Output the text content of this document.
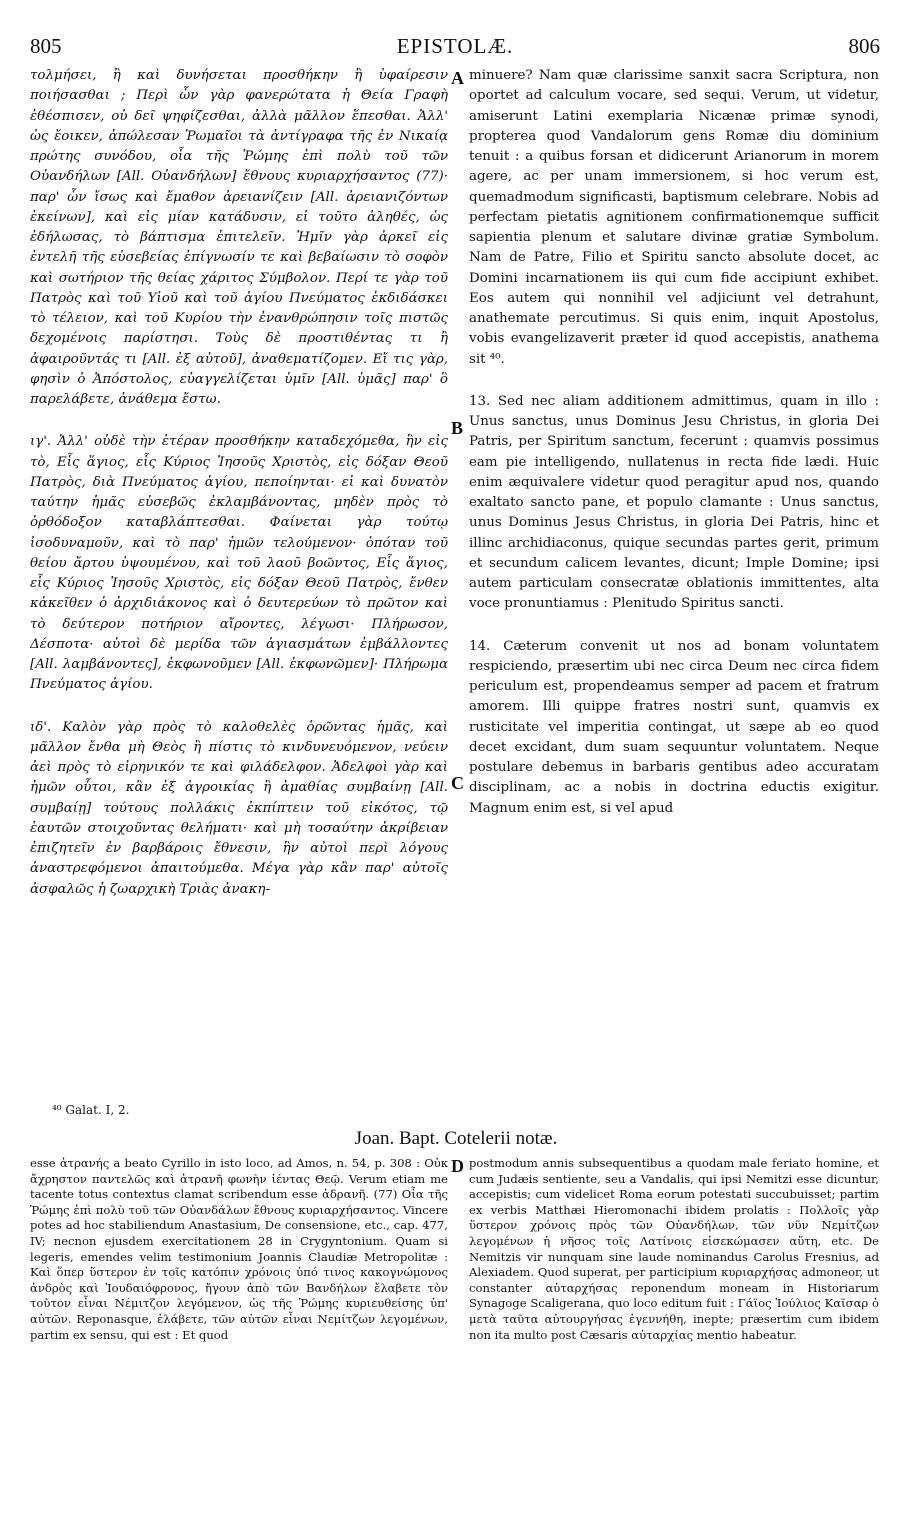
805	EPISTOLÆ.	806

τολμήσει, ἢ καὶ δυνήσεται προσθήκην ἢ ὑφαίρεσιν ποιήσασθαι ; Περὶ ὧν γὰρ φανερώτατα ἡ Θεία Γραφὴ ἐθέσπισεν, οὐ δεῖ ψηφίζεσθαι, ἀλλὰ μᾶλλον ἕπεσθαι. Ἀλλ' ὡς ἔοικεν, ἀπώλεσαν Ῥωμαῖοι τὰ ἀντίγραφα τῆς ἐν Νικαίᾳ πρώτης συνόδου, οἷα τῆς Ῥώμης ἐπὶ πολὺ τοῦ τῶν Οὐανδήλων [All. Οὐανδήλων] ἔθνους κυριαρχήσαντος (77)· παρ' ὧν ἴσως καὶ ἔμαθον ἀρειανίζειν [All. ἀρειανιζόντων ἐκείνων], καὶ εἰς μίαν κατάδυσιν, εἰ τοῦτο ἀληθές, ὡς ἐδήλωσας, τὸ βάπτισμα ἐπιτελεῖν. Ἡμῖν γὰρ ἀρκεῖ εἰς ἐντελῆ τῆς εὐσεβείας ἐπίγνωσίν τε καὶ βεβαίωσιν τὸ σοφὸν καὶ σωτήριον τῆς θείας χάριτος Σύμβολον. Περί τε γὰρ τοῦ Πατρὸς καὶ τοῦ Υἱοῦ καὶ τοῦ ἁγίου Πνεύματος ἐκδιδάσκει τὸ τέλειον, καὶ τοῦ Κυρίου τὴν ἐνανθρώπησιν τοῖς πιστῶς δεχομένοις παρίστησι. Τοὺς δὲ προστιθέντας τι ἢ ἀφαιροῦντάς τι [All. ἐξ αὐτοῦ], ἀναθεματίζομεν. Εἴ τις γὰρ, φησὶν ὁ Ἀπόστολος, εὐαγγελίζεται ὑμῖν [All. ὑμᾶς] παρ' ὃ παρελάβετε, ἀνάθεμα ἔστω.

ιγ'. Ἀλλ' οὐδὲ τὴν ἑτέραν προσθήκην καταδεχόμεθα, ἣν εἰς τὸ, Εἷς ἅγιος, εἷς Κύριος Ἰησοῦς Χριστὸς, εἰς δόξαν Θεοῦ Πατρὸς, διὰ Πνεύματος ἁγίου, πεποίηνται· εἰ καὶ δυνατὸν ταύτην ἡμᾶς εὐσεβῶς ἐκλαμβάνοντας, μηδὲν πρὸς τὸ ὀρθόδοξον καταβλάπτεσθαι. Φαίνεται γὰρ τούτῳ ἰσοδυναμοῦν, καὶ τὸ παρ' ἡμῶν τελούμενον· ὁπόταν τοῦ θείου ἄρτου ὑψουμένου, καὶ τοῦ λαοῦ βοῶντος, Εἷς ἅγιος, εἷς Κύριος Ἰησοῦς Χριστὸς, εἰς δόξαν Θεοῦ Πατρὸς, ἔνθεν κἀκεῖθεν ὁ ἀρχιδιάκονος καὶ ὁ δευτερεύων τὸ πρῶτον καὶ τὸ δεύτερον ποτήριον αἴροντες, λέγωσι· Πλήρωσον, Δέσποτα· αὐτοὶ δὲ μερίδα τῶν ἁγιασμάτων ἐμβάλλοντες [All. λαμβάνοντες], ἐκφωνοῦμεν [All. ἐκφωνῶμεν]· Πλήρωμα Πνεύματος ἁγίου.

ιδ'. Καλὸν γὰρ πρὸς τὸ καλοθελὲς ὁρῶντας ἡμᾶς, καὶ μᾶλλον ἔνθα μὴ Θεὸς ἢ πίστις τὸ κινδυνευόμενον, νεύειν ἀεὶ πρὸς τὸ εἰρηνικόν τε καὶ φιλάδελφον. Ἀδελφοὶ γὰρ καὶ ἡμῶν οὗτοι, κἂν ἐξ ἀγροικίας ἢ ἀμαθίας συμβαίνῃ [All. συμβαίῃ] τούτους πολλάκις ἐκπίπτειν τοῦ εἰκότος, τῷ ἑαυτῶν στοιχοῦντας θελήματι· καὶ μὴ τοσαύτην ἀκρίβειαν ἐπιζητεῖν ἐν βαρβάροις ἔθνεσιν, ἣν αὐτοὶ περὶ λόγους ἀναστρεφόμενοι ἀπαιτούμεθα. Μέγα γὰρ κἂν παρ' αὐτοῖς ἀσφαλῶς ἡ ζωαρχικὴ Τριὰς ἀνακη-

minuere? Nam quæ clarissime sanxit sacra Scriptura, non oportet ad calculum vocare, sed sequi. Verum, ut videtur, amiserunt Latini exemplaria Nicænæ primæ synodi, propterea quod Vandalorum gens Romæ diu dominium tenuit : a quibus forsan et didicerunt Arianorum in morem agere, ac per unam immersionem, si hoc verum est, quemadmodum significasti, baptismum celebrare. Nobis ad perfectam pietatis agnitionem confirmationemque sufficit sapientia plenum et salutare divinæ gratiæ Symbolum. Nam de Patre, Filio et Spiritu sancto absolute docet, ac Domini incarnationem iis qui cum fide accipiunt exhibet. Eos autem qui nonnihil vel adjiciunt vel detrahunt, anathemate percutimus. Si quis enim, inquit Apostolus, vobis evangelizaverit præter id quod accepistis, anathema sit ⁴⁰.

13. Sed nec aliam additionem admittimus, quam in illo : Unus sanctus, unus Dominus Jesu Christus, in gloria Dei Patris, per Spiritum sanctum, fecerunt : quamvis possimus eam pie intelligendo, nullatenus in recta fide lædi. Huic enim æquivalere videtur quod peragitur apud nos, quando exaltato sancto pane, et populo clamante : Unus sanctus, unus Dominus Jesus Christus, in gloria Dei Patris, hinc et illinc archidiaconus, quique secundas partes gerit, primum et secundum calicem levantes, dicunt; Imple Domine; ipsi autem particulam consecratæ oblationis immittentes, alta voce pronuntiamus : Plenitudo Spiritus sancti.

14. Cæterum convenit ut nos ad bonam voluntatem respiciendo, præsertim ubi nec circa Deum nec circa fidem periculum est, propendeamus semper ad pacem et fratrum amorem. Illi quippe fratres nostri sunt, quamvis ex rusticitate vel imperitia contingat, ut sæpe ab eo quod decet excidant, dum suam sequuntur voluntatem. Neque postulare debemus in barbaris gentibus adeo accuratam disciplinam, ac a nobis in doctrina eductis exigitur. Magnum enim est, si vel apud

A
B
C
D
⁴⁰ Galat. I, 2.
Joan. Bapt. Cotelerii notæ.

esse ἀτρανής a beato Cyrillo in isto loco, ad Amos, n. 54, p. 308 : Οὐκ ἄχρηστον παντελῶς καὶ ἀτρανῆ φωνὴν ἱέντας Θεῷ. Verum etiam me tacente totus contextus clamat scribendum esse ἀδρανῆ. (77) Οἷα τῆς Ῥώμης ἐπὶ πολὺ τοῦ τῶν Οὐανδάλων ἔθνους κυριαρχήσαντος. Vincere potes ad hoc stabiliendum Anastasium, De consensione, etc., cap. 477, IV; necnon ejusdem exercitationem 28 in Crygyntonium. Quam si legeris, emendes velim testimonium Joannis Claudiæ Metropolitæ : Καὶ ὅπερ ὕστερον ἐν τοῖς κατόπιν χρόνοις ὑπό τινος κακογνώμονος ἀνδρὸς καὶ Ἰουδαιόφρονος, ἤγουν ἀπὸ τῶν Βανδήλων ἔλαβετε τὸν τοῦτον εἶναι Νέμιτζον λεγόμενον, ὡς τῆς Ῥώμης κυριευθείσης ὑπ' αὐτῶν. Reponasque, ἐλάβετε, τῶν αὐτῶν εἶναι Νεμίτζων λεγομένων, partim ex sensu, qui est : Et quod

postmodum annis subsequentibus a quodam male feriato homine, et cum Judæis sentiente, seu a Vandalis, qui ipsi Nemitzi esse dicuntur, accepistis; cum videlicet Roma eorum potestati succubuisset; partim ex verbis Matthæi Hieromonachi ibidem prolatis : Πολλοῖς γὰρ ὕστερον χρόνοις πρὸς τῶν Οὐανδήλων, τῶν νῦν Νεμίτζων λεγομένων ἡ νῆσος τοῖς Λατίνοις εἰσεκώμασεν αὕτη, etc. De Nemitzis vir nunquam sine laude nominandus Carolus Fresnius, ad Alexiadem. Quod superat, per participium κυριαρχήσας admoneor, ut constanter αὐταρχήσας reponendum moneam in Historiarum Synagoge Scaligerana, quo loco editum fuit : Γάϊος Ἰούλιος Καῖσαρ ὁ μετὰ ταῦτα αὐτουργήσας ἐγεννήθη, inepte; præsertim cum ibidem non ita multo post Cæsaris αὐταρχίας mentio habeatur.
